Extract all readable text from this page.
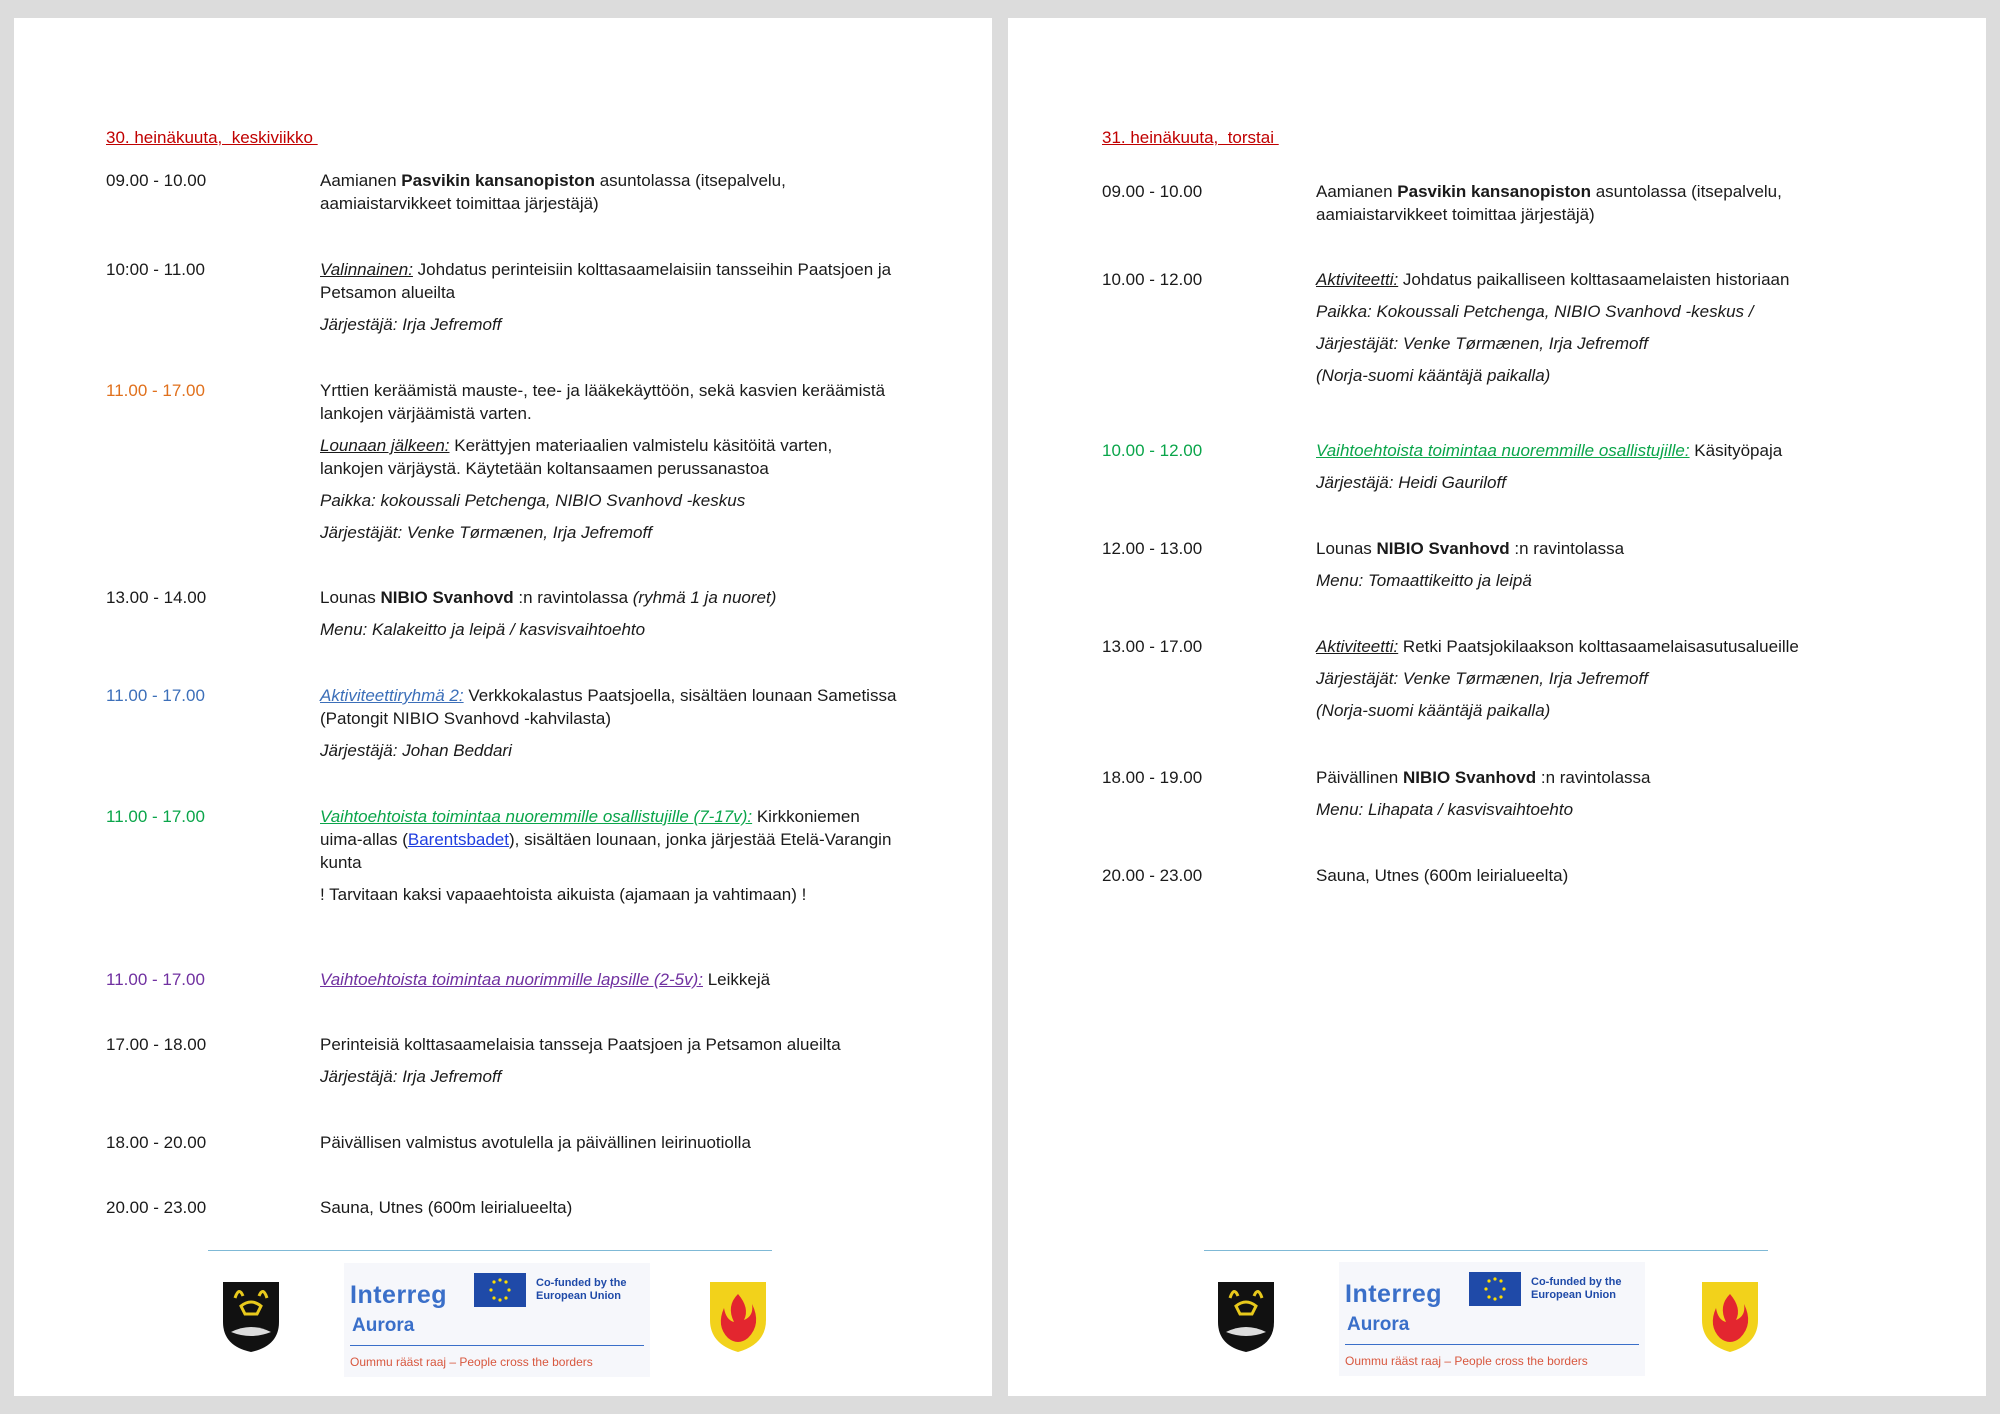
30. heinäkuuta,  keskiviikko
09.00 - 10.00	Aamianen Pasvikin kansanopiston asuntolassa (itsepalvelu, aamiaistarvikkeet toimittaa järjestäjä)

10:00 - 11.00	Valinnainen: Johdatus perinteisiin kolttasaamelaisiin tansseihin Paatsjoen ja Petsamon alueilta

Järjestäjä: Irja Jefremoff

11.00 - 17.00	Yrttien keräämistä mauste-, tee- ja lääkekäyttöön, sekä kasvien keräämistä lankojen värjäämistä varten.

Lounaan jälkeen: Kerättyjen materiaalien valmistelu käsitöitä varten, lankojen värjäystä. Käytetään koltansaamen perussanastoa

Paikka: kokoussali Petchenga, NIBIO Svanhovd -keskus

Järjestäjät: Venke Tørmænen, Irja Jefremoff

13.00 - 14.00	Lounas NIBIO Svanhovd :n ravintolassa (ryhmä 1 ja nuoret)

Menu: Kalakeitto ja leipä / kasvisvaihtoehto

11.00 - 17.00	Aktiviteettiryhmä 2: Verkkokalastus Paatsjoella, sisältäen lounaan Sametissa (Patongit NIBIO Svanhovd -kahvilasta)

Järjestäjä: Johan Beddari

11.00 - 17.00	Vaihtoehtoista toimintaa nuoremmille osallistujille (7-17v): Kirkkoniemen uima-allas (Barentsbadet), sisältäen lounaan, jonka järjestää Etelä-Varangin kunta

! Tarvitaan kaksi vapaaehtoista aikuista (ajamaan ja vahtimaan) !

11.00 - 17.00	Vaihtoehtoista toimintaa nuorimmille lapsille (2-5v): Leikkejä

17.00 - 18.00	Perinteisiä kolttasaamelaisia tansseja Paatsjoen ja Petsamon alueilta

Järjestäjä: Irja Jefremoff

18.00 - 20.00	Päivällisen valmistus avotulella ja päivällinen leirinuotiolla

20.00 - 23.00	Sauna, Utnes (600m leirialueelta)

Interreg
Aurora
Co-funded by the European Union
Oummu rääst raaj – People cross the borders
31. heinäkuuta,  torstai
09.00 - 10.00	Aamianen Pasvikin kansanopiston asuntolassa (itsepalvelu, aamiaistarvikkeet toimittaa järjestäjä)

10.00 - 12.00	Aktiviteetti: Johdatus paikalliseen kolttasaamelaisten historiaan

Paikka: Kokoussali Petchenga, NIBIO Svanhovd -keskus /

Järjestäjät: Venke Tørmænen, Irja Jefremoff

(Norja-suomi kääntäjä paikalla)

10.00 - 12.00	Vaihtoehtoista toimintaa nuoremmille osallistujille: Käsityöpaja

Järjestäjä: Heidi Gauriloff

12.00 - 13.00	Lounas NIBIO Svanhovd :n ravintolassa

Menu: Tomaattikeitto ja leipä

13.00 - 17.00	Aktiviteetti: Retki Paatsjokilaakson kolttasaamelaisasutusalueille

Järjestäjät: Venke Tørmænen, Irja Jefremoff

(Norja-suomi kääntäjä paikalla)

18.00 - 19.00	Päivällinen NIBIO Svanhovd :n ravintolassa

Menu: Lihapata / kasvisvaihtoehto

20.00 - 23.00	Sauna, Utnes (600m leirialueelta)

Interreg
Aurora
Co-funded by the European Union
Oummu rääst raaj – People cross the borders
